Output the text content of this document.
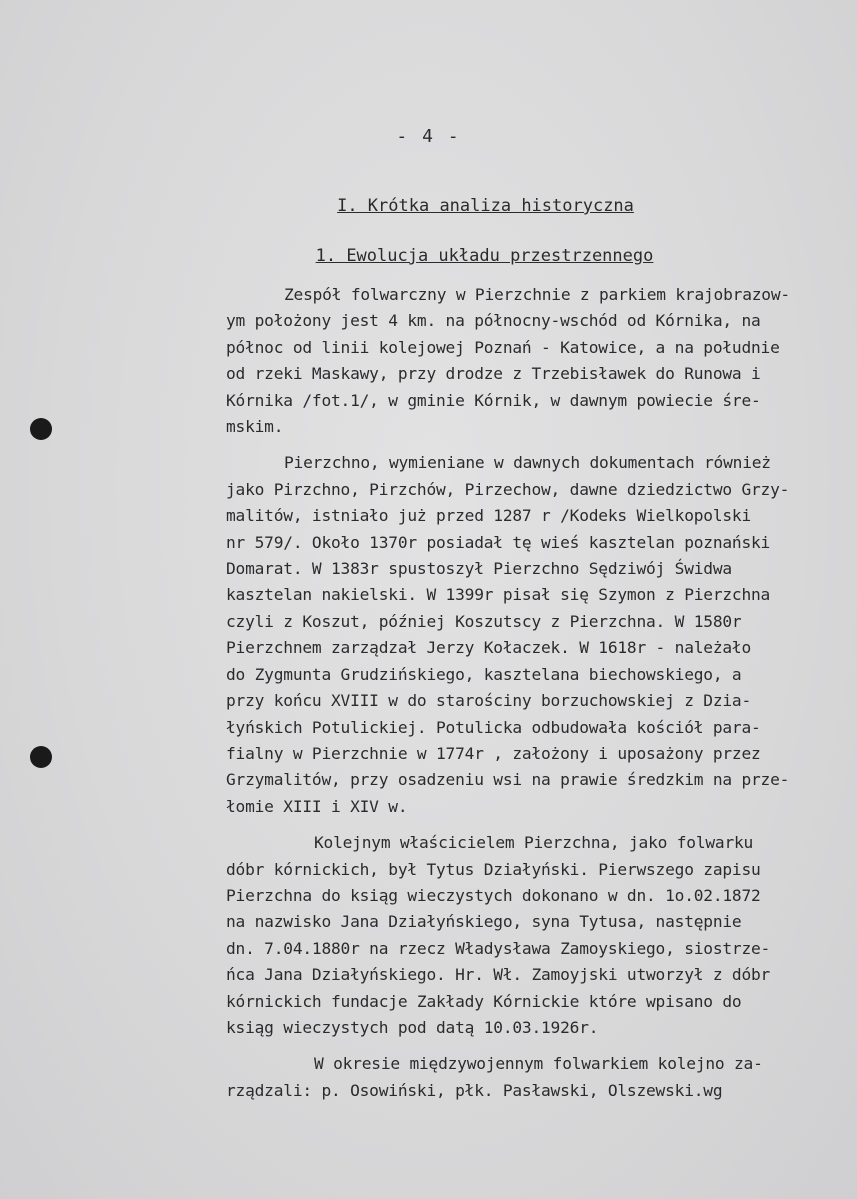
- 4 -
I. Krótka analiza historyczna
1. Ewolucja układu przestrzennego
Zespół folwarczny w Pierzchnie z parkiem krajobrazow-
ym położony jest 4 km. na północny-wschód od Kórnika, na
północ od linii kolejowej Poznań - Katowice, a na południe
od rzeki Maskawy, przy drodze z Trzebisławek do Runowa i
Kórnika /fot.1/, w gminie Kórnik, w dawnym powiecie śre-
mskim.
Pierzchno, wymieniane w dawnych dokumentach również
jako Pirzchno, Pirzchów, Pirzechow, dawne dziedzictwo Grzy-
malitów, istniało już przed 1287 r /Kodeks Wielkopolski
nr 579/. Około 1370r posiadał tę wieś kasztelan poznański
Domarat. W 1383r spustoszył Pierzchno Sędziwój Świdwa
kasztelan nakielski. W 1399r pisał się Szymon z Pierzchna
czyli z Koszut, później Koszutscy z Pierzchna. W 1580r
Pierzchnem zarządzał Jerzy Kołaczek. W 1618r - należało
do Zygmunta Grudzińskiego, kasztelana biechowskiego, a
przy końcu XVIII w do starościny borzuchowskiej z Dzia-
łyńskich Potulickiej. Potulicka odbudowała kościół para-
fialny w Pierzchnie w 1774r , założony i uposażony przez
Grzymalitów, przy osadzeniu wsi na prawie średzkim na prze-
łomie XIII i XIV w.
Kolejnym właścicielem Pierzchna, jako folwarku
dóbr kórnickich, był Tytus Działyński. Pierwszego zapisu
Pierzchna do ksiąg wieczystych dokonano w dn. 1o.02.1872
na nazwisko Jana Działyńskiego, syna Tytusa, następnie
dn. 7.04.1880r na rzecz Władysława Zamoyskiego, siostrze-
ńca Jana Działyńskiego. Hr. Wł. Zamoyjski utworzył z dóbr
kórnickich fundacje Zakłady Kórnickie które wpisano do
ksiąg wieczystych pod datą 10.03.1926r.
W okresie międzywojennym folwarkiem kolejno za-
rządzali: p. Osowiński, płk. Pasławski, Olszewski.wg
